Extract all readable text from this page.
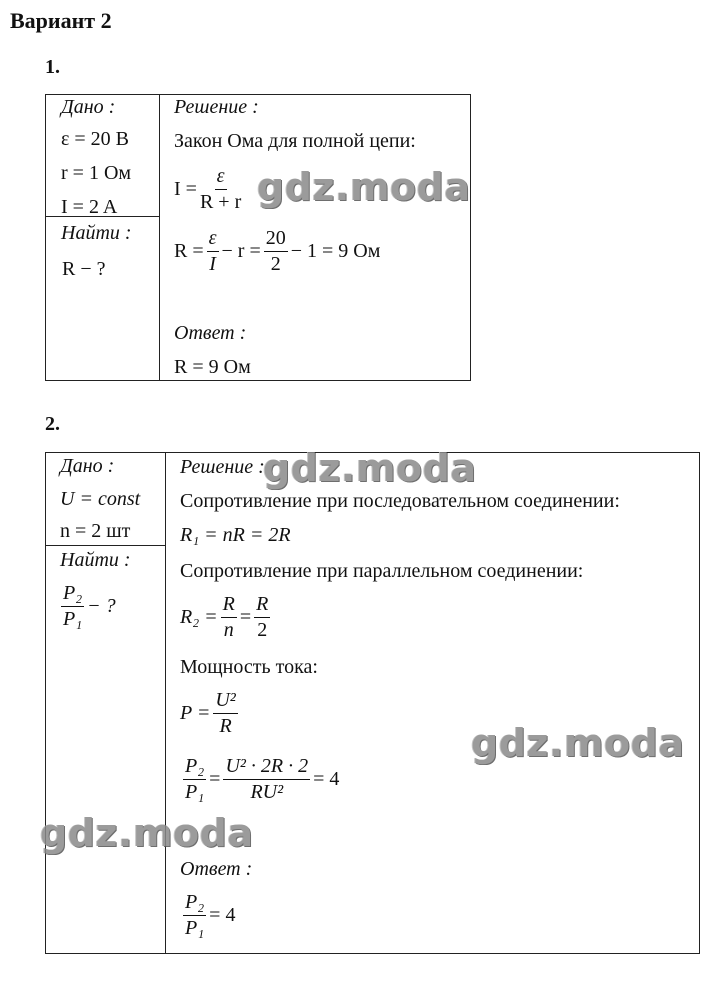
Вариант 2
1.
Дано :
ε = 20 В
r = 1 Ом
I = 2 A
Найти :
R − ?
Решение :
Закон Ома для полной цепи:
$I = \frac{\varepsilon}{R + r}$
$R = \frac{\varepsilon}{I} - r = \frac{20}{2} - 1 = 9$ Ом
Ответ :
R = 9 Ом
2.
Дано :
U = const
n = 2 шт
Найти :
$\frac{\text{P₂}}{\text{P₁}}$ − ?
Решение :
Сопротивление при последовательном соединении:
R₁ = nR = 2R
Сопротивление при параллельном соединении:
$R_2 = \frac{R}{n} = \frac{R}{2}$
Мощность тока:
$P = \frac{\text{U²}}{R}$
$\frac{\text{P₂}}{\text{P₁}} = \frac{\text{U² · 2R · 2}}{\text{RU²}} = 4$
Ответ :
$\frac{\text{P₂}}{\text{P₁}} = 4$
gdz.moda
gdz.moda
gdz.moda
gdz.moda
